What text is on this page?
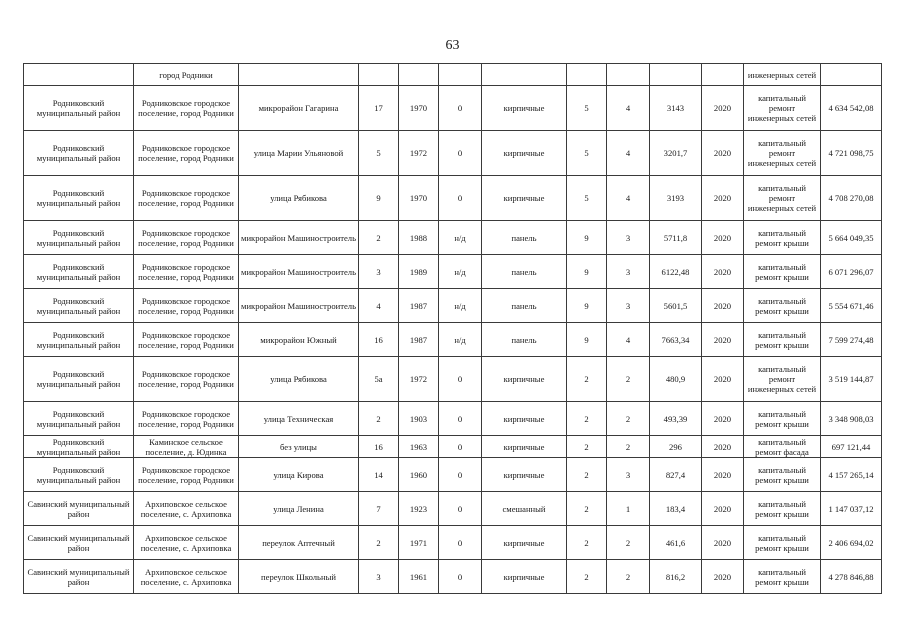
63
	город Родники										инженерных сетей	
Родниковский муниципальный район	Родниковское городское поселение, город Родники	микрорайон Гагарина	17	1970	0	кирпичные	5	4	3143	2020	капитальный ремонт инженерных сетей	4 634 542,08
Родниковский муниципальный район	Родниковское городское поселение, город Родники	улица Марии Ульяновой	5	1972	0	кирпичные	5	4	3201,7	2020	капитальный ремонт инженерных сетей	4 721 098,75
Родниковский муниципальный район	Родниковское городское поселение, город Родники	улица Рябикова	9	1970	0	кирпичные	5	4	3193	2020	капитальный ремонт инженерных сетей	4 708 270,08
Родниковский муниципальный район	Родниковское городское поселение, город Родники	микрорайон Машиностроитель	2	1988	н/д	панель	9	3	5711,8	2020	капитальный ремонт крыши	5 664 049,35
Родниковский муниципальный район	Родниковское городское поселение, город Родники	микрорайон Машиностроитель	3	1989	н/д	панель	9	3	6122,48	2020	капитальный ремонт крыши	6 071 296,07
Родниковский муниципальный район	Родниковское городское поселение, город Родники	микрорайон Машиностроитель	4	1987	н/д	панель	9	3	5601,5	2020	капитальный ремонт крыши	5 554 671,46
Родниковский муниципальный район	Родниковское городское поселение, город Родники	микрорайон Южный	16	1987	н/д	панель	9	4	7663,34	2020	капитальный ремонт крыши	7 599 274,48
Родниковский муниципальный район	Родниковское городское поселение, город Родники	улица Рябикова	5а	1972	0	кирпичные	2	2	480,9	2020	капитальный ремонт инженерных сетей	3 519 144,87
Родниковский муниципальный район	Родниковское городское поселение, город Родники	улица Техническая	2	1903	0	кирпичные	2	2	493,39	2020	капитальный ремонт крыши	3 348 908,03
Родниковский муниципальный район	Каминское сельское поселение, д. Юдинка	без улицы	16	1963	0	кирпичные	2	2	296	2020	капитальный ремонт фасада	697 121,44
Родниковский муниципальный район	Родниковское городское поселение, город Родники	улица Кирова	14	1960	0	кирпичные	2	3	827,4	2020	капитальный ремонт крыши	4 157 265,14
Савинский муниципальный район	Архиповское сельское поселение, с. Архиповка	улица Ленина	7	1923	0	смешанный	2	1	183,4	2020	капитальный ремонт крыши	1 147 037,12
Савинский муниципальный район	Архиповское сельское поселение, с. Архиповка	переулок Аптечный	2	1971	0	кирпичные	2	2	461,6	2020	капитальный ремонт крыши	2 406 694,02
Савинский муниципальный район	Архиповское сельское поселение, с. Архиповка	переулок Школьный	3	1961	0	кирпичные	2	2	816,2	2020	капитальный ремонт крыши	4 278 846,88
